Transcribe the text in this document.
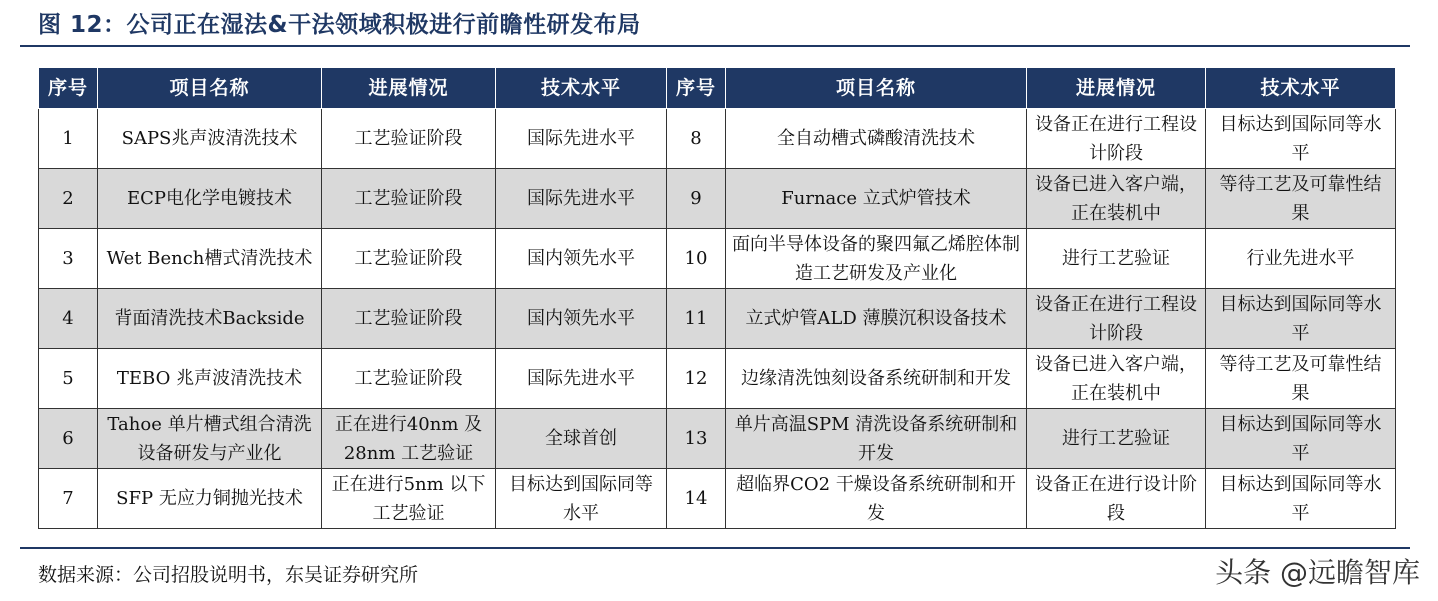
图 12：公司正在湿法&干法领域积极进行前瞻性研发布局
序号	项目名称	进展情况	技术水平	序号	项目名称	进展情况	技术水平
1	SAPS兆声波清洗技术	工艺验证阶段	国际先进水平	8	全自动槽式磷酸清洗技术	设备正在进行工程设计阶段	目标达到国际同等水平
2	ECP电化学电镀技术	工艺验证阶段	国际先进水平	9	Furnace 立式炉管技术	设备已进入客户端，正在装机中	等待工艺及可靠性结果
3	Wet Bench槽式清洗技术	工艺验证阶段	国内领先水平	10	面向半导体设备的聚四氟乙烯腔体制造工艺研发及产业化	进行工艺验证	行业先进水平
4	背面清洗技术Backside	工艺验证阶段	国内领先水平	11	立式炉管ALD 薄膜沉积设备技术	设备正在进行工程设计阶段	目标达到国际同等水平
5	TEBO 兆声波清洗技术	工艺验证阶段	国际先进水平	12	边缘清洗蚀刻设备系统研制和开发	设备已进入客户端，正在装机中	等待工艺及可靠性结果
6	Tahoe 单片槽式组合清洗设备研发与产业化	正在进行40nm 及28nm 工艺验证	全球首创	13	单片高温SPM 清洗设备系统研制和开发	进行工艺验证	目标达到国际同等水平
7	SFP 无应力铜抛光技术	正在进行5nm 以下工艺验证	目标达到国际同等水平	14	超临界CO2 干燥设备系统研制和开发	设备正在进行设计阶段	目标达到国际同等水平
数据来源：公司招股说明书，东吴证券研究所	头条 @远瞻智库
